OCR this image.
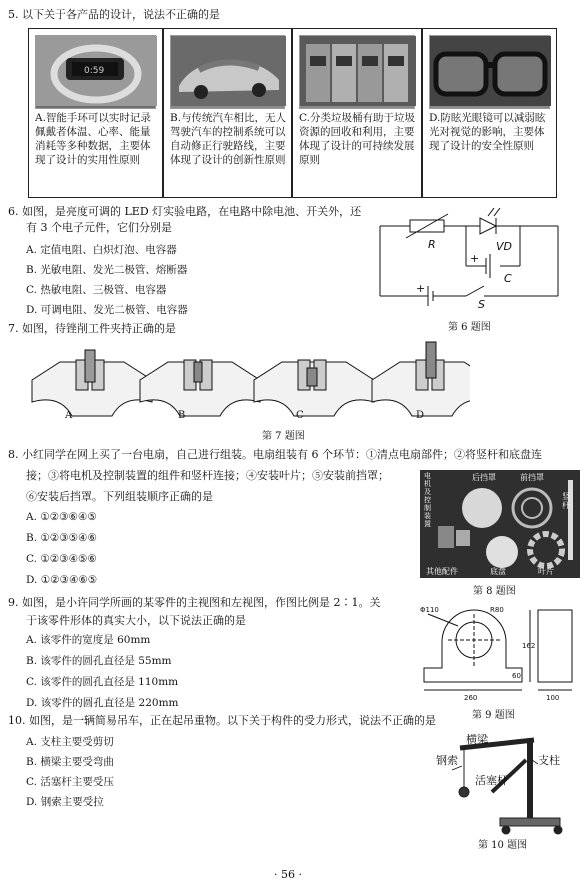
5. 以下关于各产品的设计，说法不正确的是
0:59
A.智能手环可以实时记录佩戴者体温、心率、能量消耗等多种数据，主要体现了设计的实用性原则
B.与传统汽车相比，无人驾驶汽车的控制系统可以自动修正行驶路线，主要体现了设计的创新性原则
C.分类垃圾桶有助于垃圾资源的回收和利用，主要体现了设计的可持续发展原则
D.防眩光眼镜可以减弱眩光对视觉的影响，主要体现了设计的安全性原则
6. 如图，是亮度可调的 LED 灯实验电路，在电路中除电池、开关外，还
有 3 个电子元件，它们分别是
A. 定值电阻、白炽灯泡、电容器
B. 光敏电阻、发光二极管、熔断器
C. 热敏电阻、三极管、电容器
D. 可调电阻、发光二极管、电容器
R	VD
C
S
+
+
第 6 题图
7. 如图，待锉削工件夹持正确的是
A	B	C	D
第 7 题图
8. 小红同学在网上买了一台电扇，自己进行组装。电扇组装有 6 个环节：①清点电扇部件；②将竖杆和底盘连
接；③将电机及控制装置的组件和竖杆连接；④安装叶片；⑤安装前挡罩；
⑥安装后挡罩。下列组装顺序正确的是
A. ①②③⑥④⑤
B. ①②③⑤④⑥
C. ①②③④⑤⑥
D. ①②③④⑥⑤
电机及控制装置
后挡罩	前挡罩
竖杆
其他配件	底盘	叶片
第 8 题图
9. 如图，是小许同学所画的某零件的主视图和左视图，作图比例是 2∶1。关
于该零件形体的真实大小，以下说法正确的是
A. 该零件的宽度是 60mm
B. 该零件的圆孔直径是 55mm
C. 该零件的圆孔直径是 110mm
D. 该零件的圆孔直径是 220mm
Φ110	R80
162
60
260	100
第 9 题图
10. 如图，是一辆简易吊车，正在起吊重物。以下关于构件的受力形式，说法不正确的是
A. 支柱主要受剪切
B. 横梁主要受弯曲
C. 活塞杆主要受压
D. 钢索主要受拉
横梁
支柱
钢索
活塞杆
第 10 题图
· 56 ·
